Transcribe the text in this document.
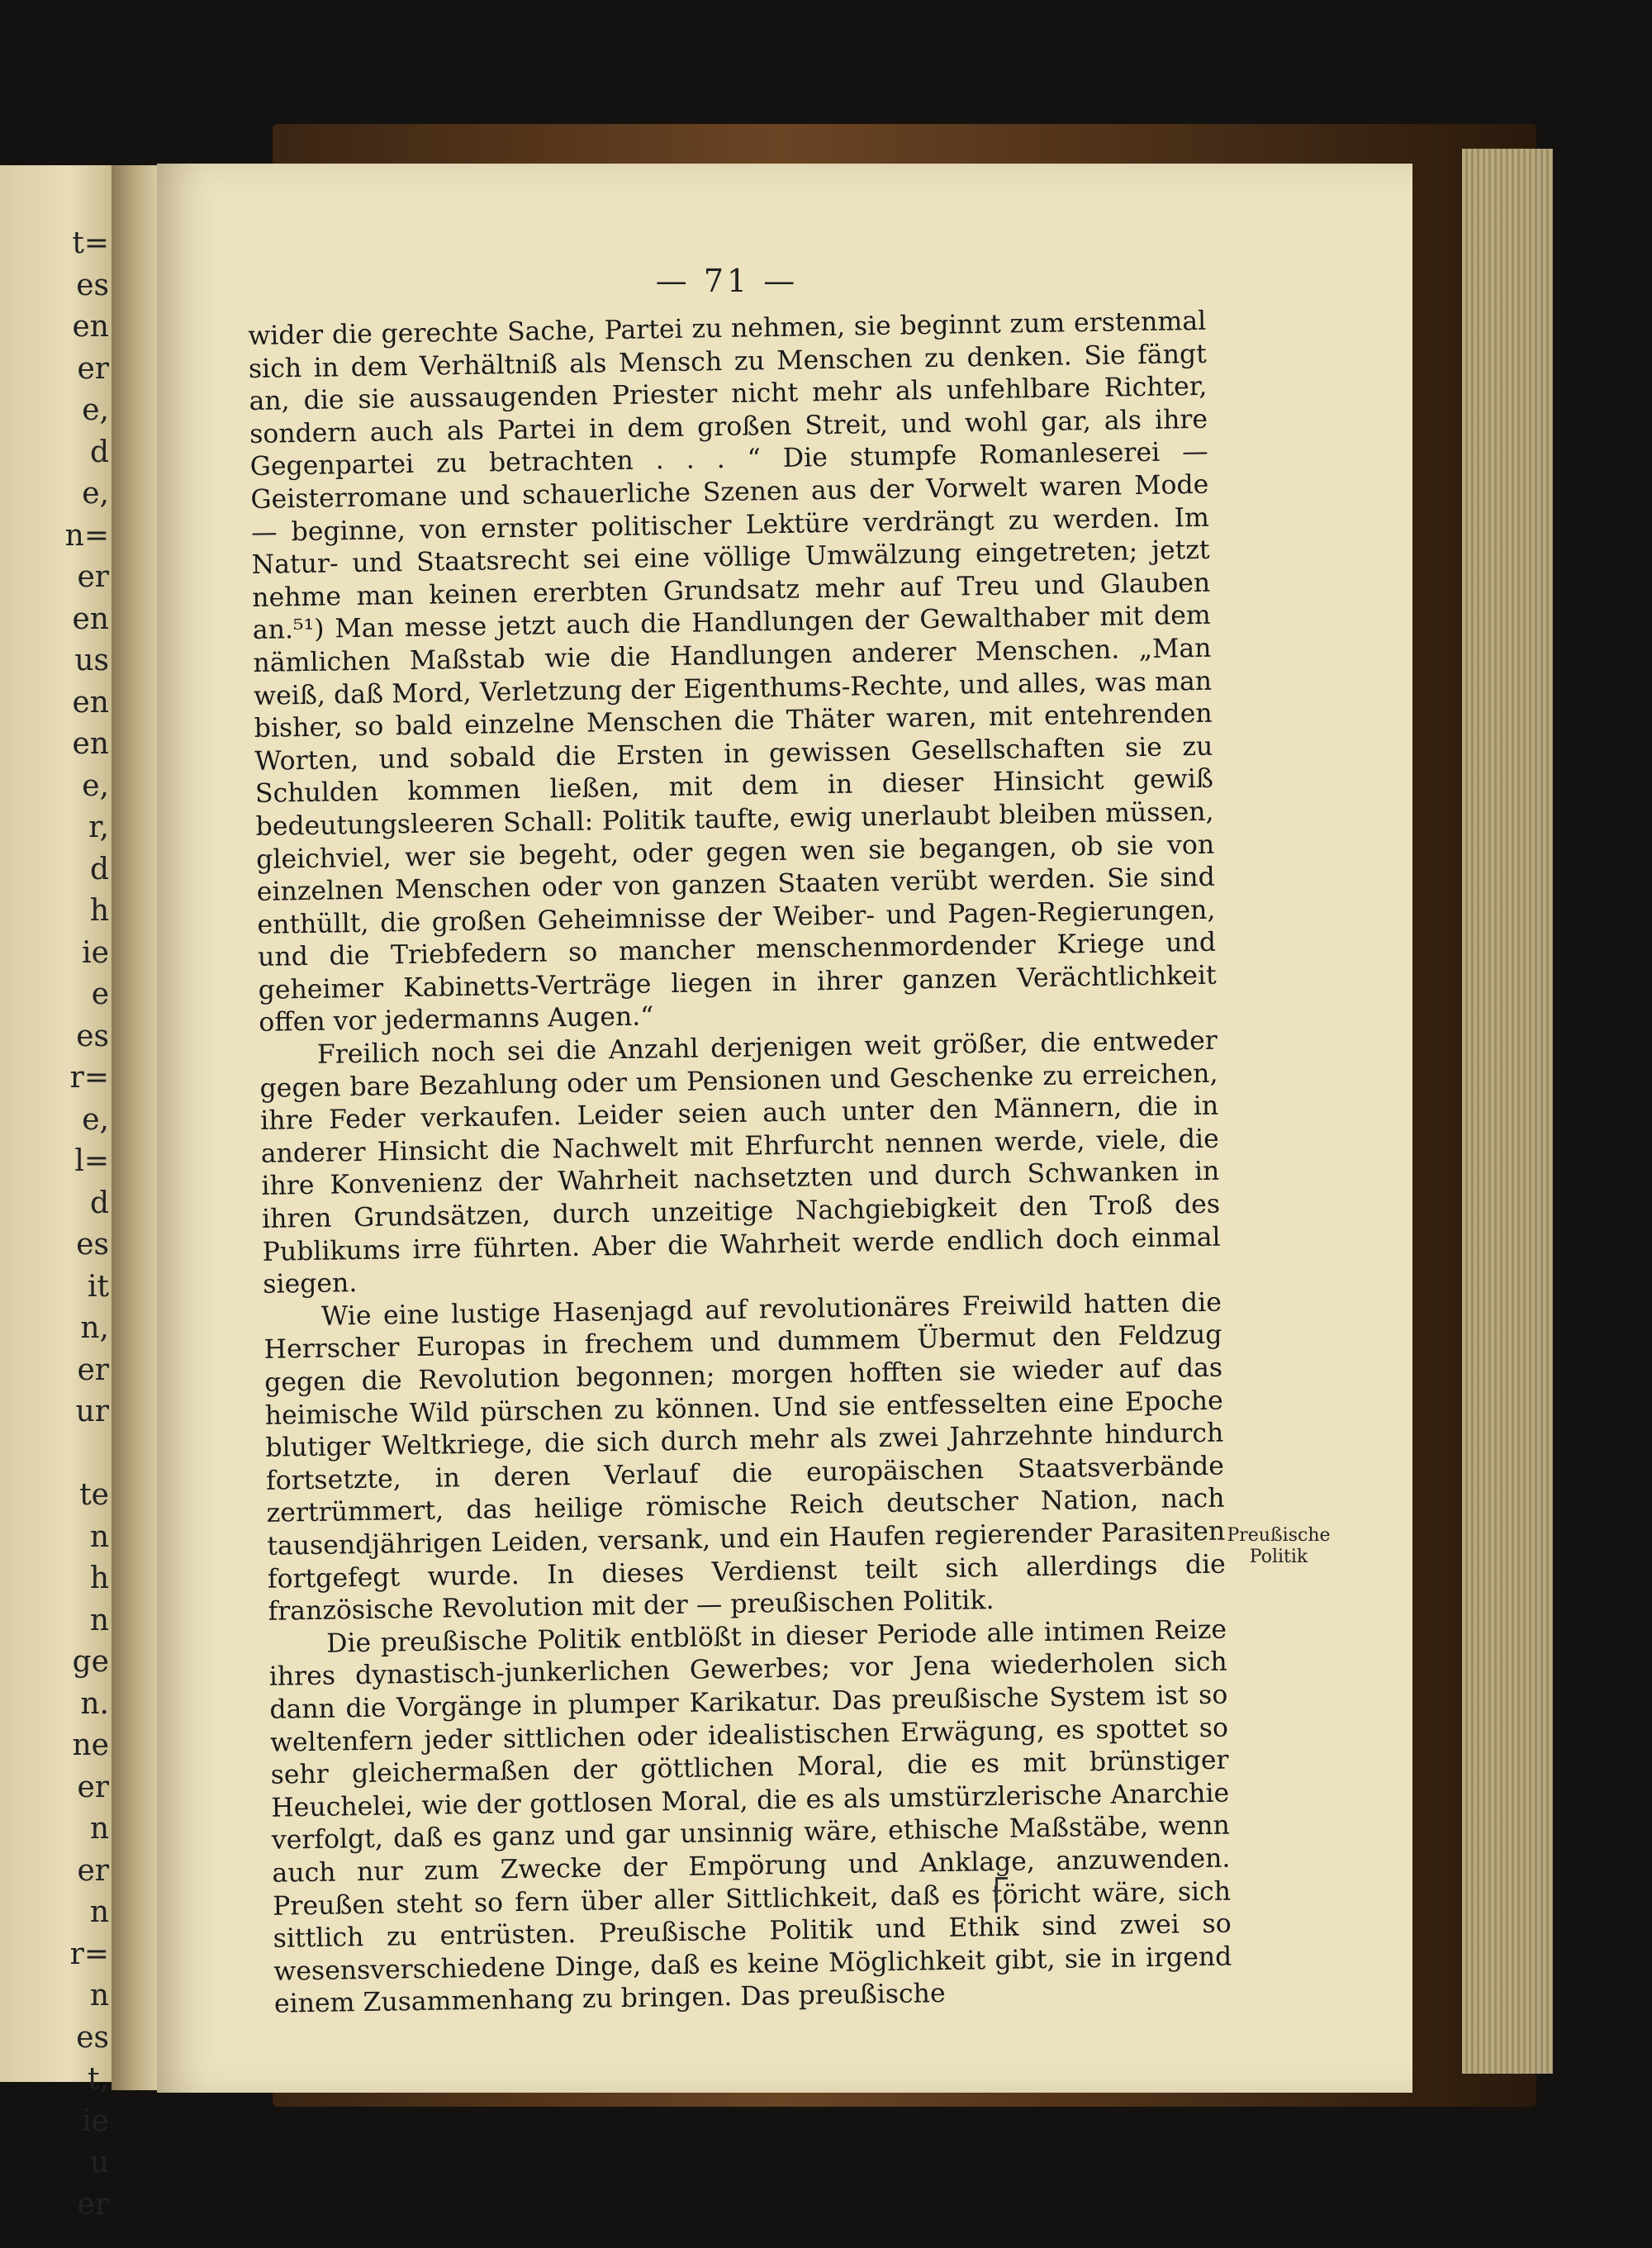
t=
es
en
er
e,
d
e,
n=
er
en
us
en
en
e,
r,
d
h
ie
e
es
r=
e,
l=
d
es
it
n,
er
ur

te
n
h
n
ge
n.
ne
er
n
er
n
r=
n
es
t,
ie
u
er
— 71 —

wider die gerechte Sache, Partei zu nehmen, sie beginnt zum erstenmal sich in dem Verhältniß als Mensch zu Menschen zu denken. Sie fängt an, die sie aussaugenden Priester nicht mehr als unfehlbare Richter, sondern auch als Partei in dem großen Streit, und wohl gar, als ihre Gegenpartei zu betrachten . . . “ Die stumpfe Romanleserei — Geisterromane und schauerliche Szenen aus der Vorwelt waren Mode — beginne, von ernster politischer Lektüre verdrängt zu werden. Im Natur- und Staatsrecht sei eine völlige Umwälzung eingetreten; jetzt nehme man keinen ererbten Grundsatz mehr auf Treu und Glauben an.⁵¹) Man messe jetzt auch die Handlungen der Gewalthaber mit dem nämlichen Maßstab wie die Handlungen anderer Menschen. „Man weiß, daß Mord, Verletzung der Eigenthums-Rechte, und alles, was man bisher, so bald einzelne Menschen die Thäter waren, mit entehrenden Worten, und sobald die Ersten in gewissen Gesellschaften sie zu Schulden kommen ließen, mit dem in dieser Hinsicht gewiß bedeutungsleeren Schall: Politik taufte, ewig unerlaubt bleiben müssen, gleichviel, wer sie begeht, oder gegen wen sie begangen, ob sie von einzelnen Menschen oder von ganzen Staaten verübt werden. Sie sind enthüllt, die großen Geheimnisse der Weiber- und Pagen-Regierungen, und die Triebfedern so mancher menschenmordender Kriege und geheimer Kabinetts-Verträge liegen in ihrer ganzen Verächtlichkeit offen vor jedermanns Augen.“

Freilich noch sei die Anzahl derjenigen weit größer, die entweder gegen bare Bezahlung oder um Pensionen und Geschenke zu erreichen, ihre Feder verkaufen. Leider seien auch unter den Männern, die in anderer Hinsicht die Nachwelt mit Ehrfurcht nennen werde, viele, die ihre Konvenienz der Wahrheit nachsetzten und durch Schwanken in ihren Grundsätzen, durch unzeitige Nachgiebigkeit den Troß des Publikums irre führten. Aber die Wahrheit werde endlich doch einmal siegen.

Wie eine lustige Hasenjagd auf revolutionäres Freiwild hatten die Herrscher Europas in frechem und dummem Übermut den Feldzug gegen die Revolution begonnen; morgen hofften sie wieder auf das heimische Wild pürschen zu können. Und sie entfesselten eine Epoche blutiger Weltkriege, die sich durch mehr als zwei Jahrzehnte hindurch fortsetzte, in deren Verlauf die europäischen Staatsverbände zertrümmert, das heilige römische Reich deutscher Nation, nach tausendjährigen Leiden, versank, und ein Haufen regierender Parasiten fortgefegt wurde. In dieses Verdienst teilt sich allerdings die französische Revolution mit der — preußischen Politik.

Die preußische Politik entblößt in dieser Periode alle intimen Reize ihres dynastisch-junkerlichen Gewerbes; vor Jena wiederholen sich dann die Vorgänge in plumper Karikatur. Das preußische System ist so weltenfern jeder sittlichen oder idealistischen Erwägung, es spottet so sehr gleichermaßen der göttlichen Moral, die es mit brünstiger Heuchelei, wie der gottlosen Moral, die es als umstürzlerische Anarchie verfolgt, daß es ganz und gar unsinnig wäre, ethische Maßstäbe, wenn auch nur zum Zwecke der Empörung und Anklage, anzuwenden. Preußen steht so fern über aller Sittlichkeit, daß es töricht wäre, sich sittlich zu entrüsten. Preußische Politik und Ethik sind zwei so wesensverschiedene Dinge, daß es keine Möglichkeit gibt, sie in irgend einem Zusammenhang zu bringen. Das preußische

Preußische Politik
